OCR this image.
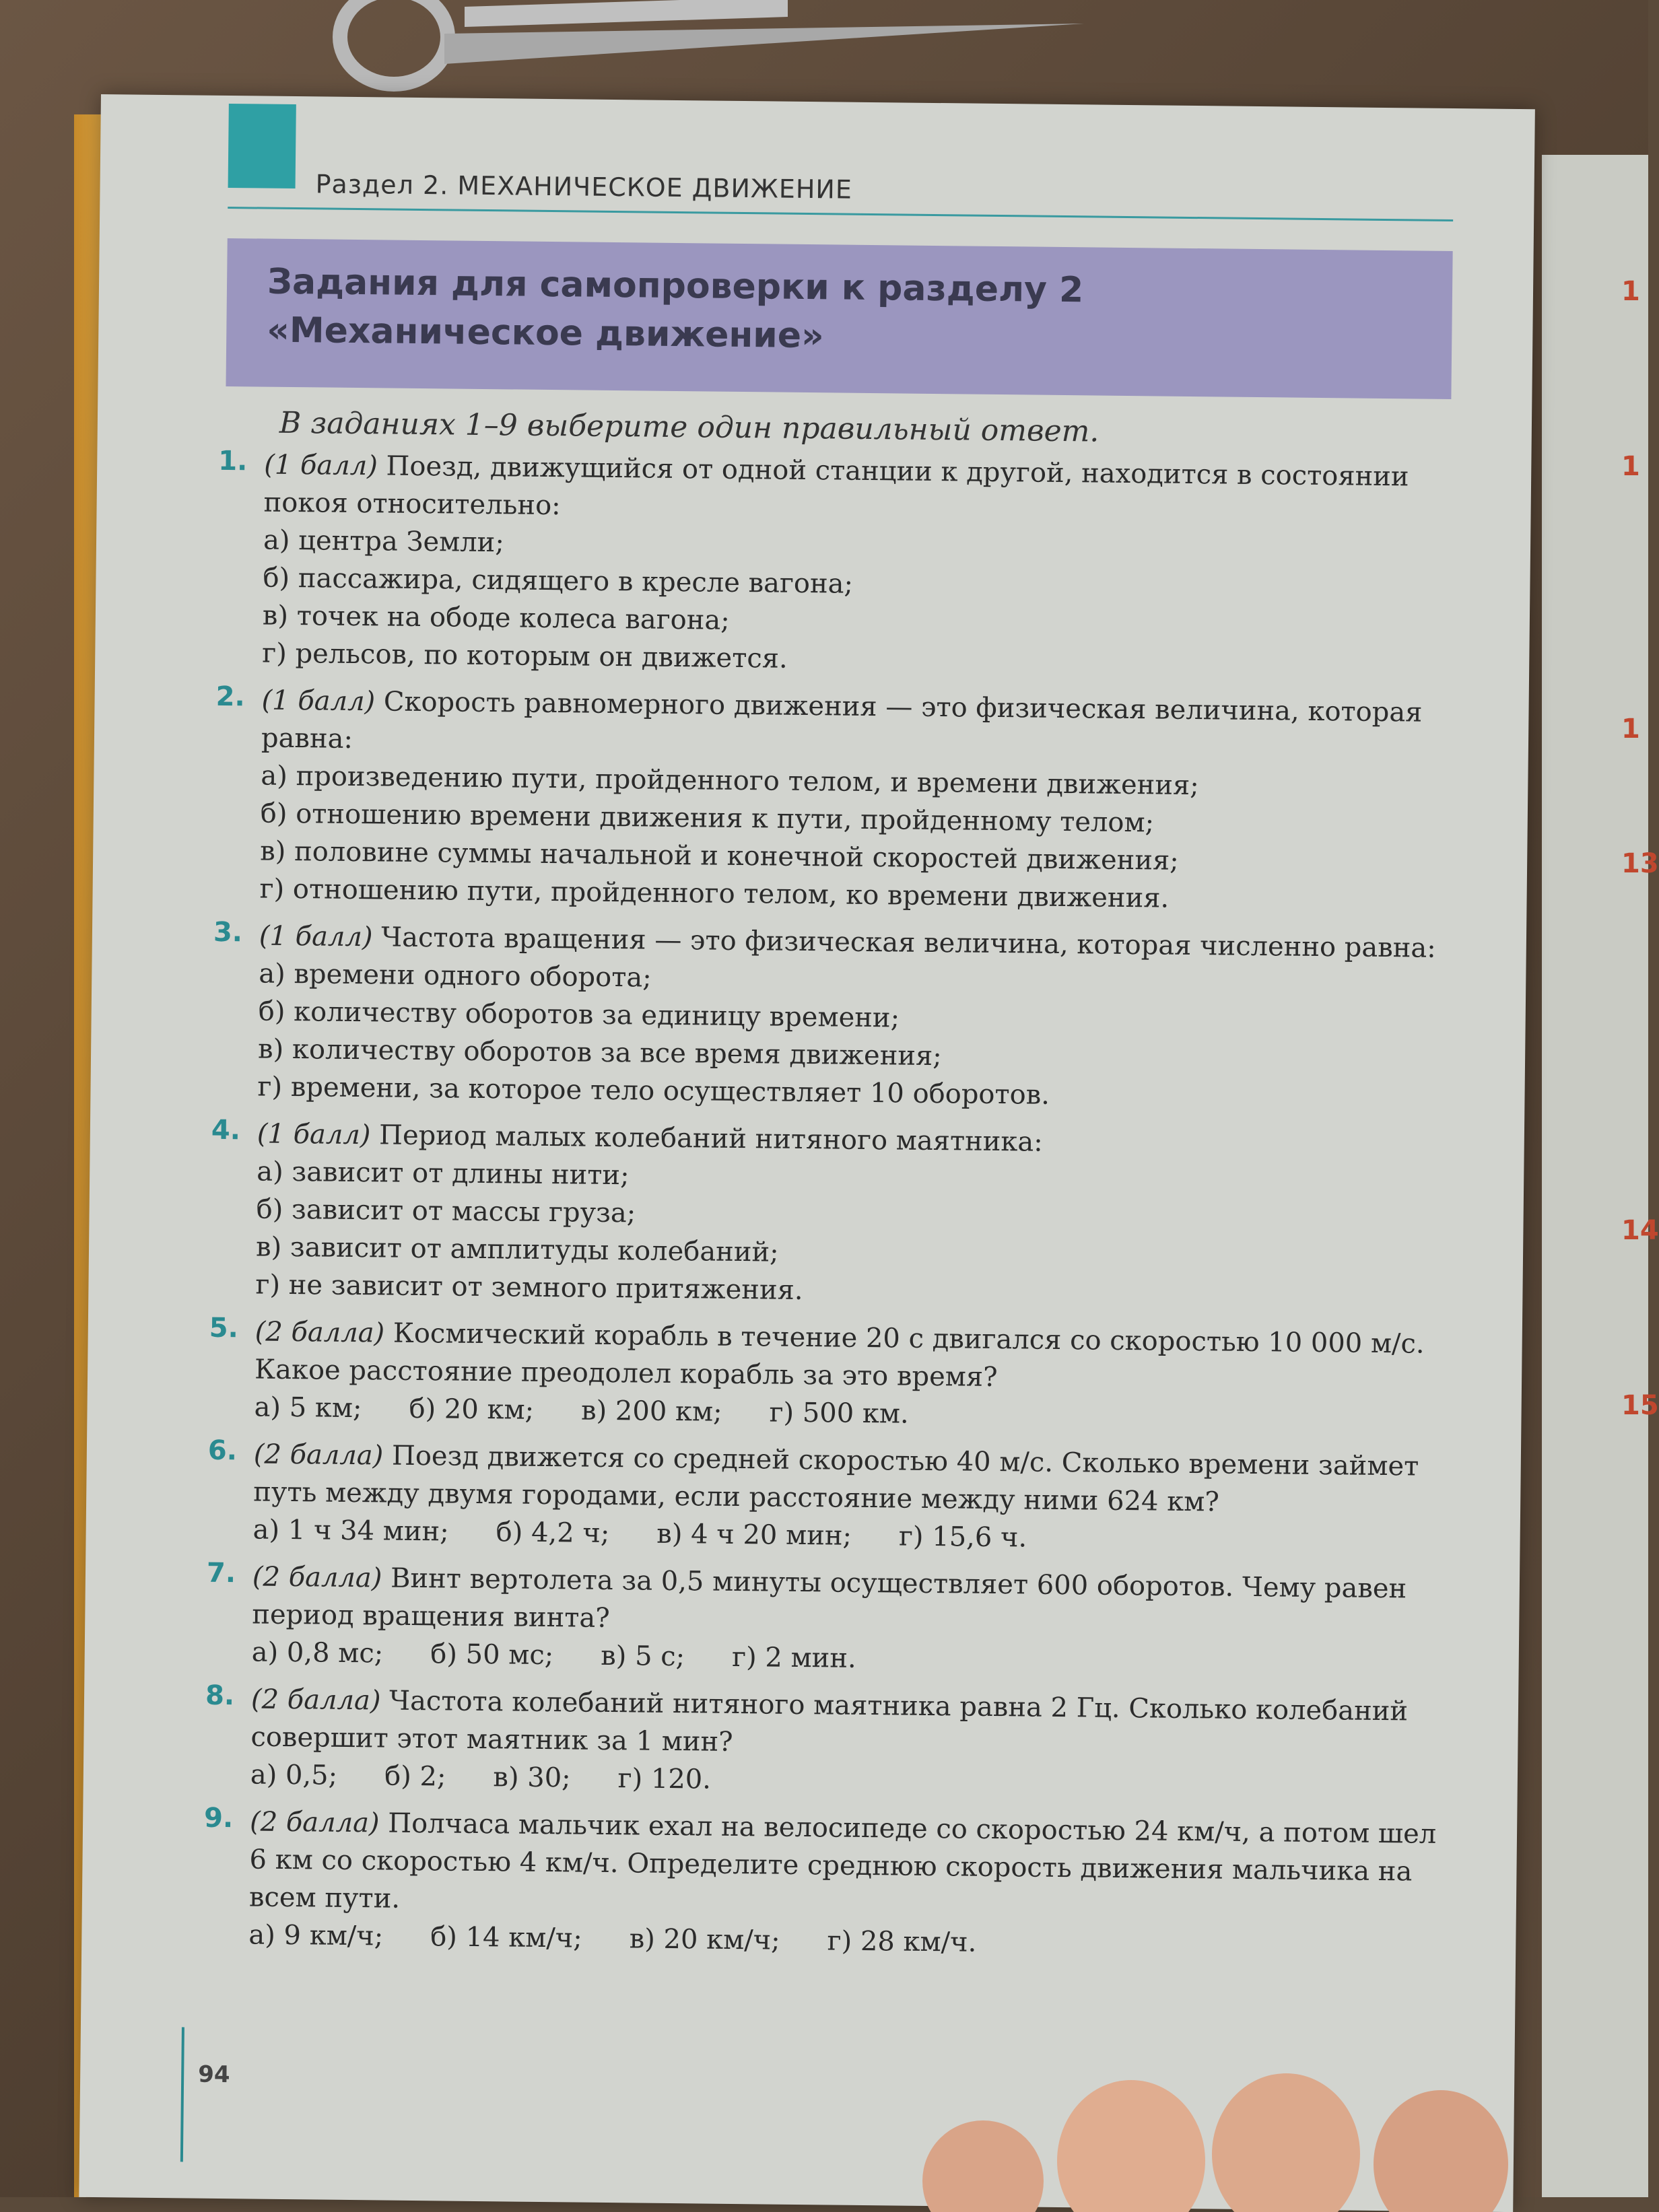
1
1
1
13
14
15
Раздел 2. МЕХАНИЧЕСКОЕ ДВИЖЕНИЕ
Задания для самопроверки к разделу 2
«Механическое движение»
В заданиях 1–9 выберите один правильный ответ.
1. (1 балл) Поезд, движущийся от одной станции к другой, находится в состоянии покоя относительно:
а) центра Земли;
б) пассажира, сидящего в кресле вагона;
в) точек на ободе колеса вагона;
г) рельсов, по которым он движется.
2. (1 балл) Скорость равномерного движения — это физическая величина, которая равна:
а) произведению пути, пройденного телом, и времени движения;
б) отношению времени движения к пути, пройденному телом;
в) половине суммы начальной и конечной скоростей движения;
г) отношению пути, пройденного телом, ко времени движения.
3. (1 балл) Частота вращения — это физическая величина, которая численно равна:
а) времени одного оборота;
б) количеству оборотов за единицу времени;
в) количеству оборотов за все время движения;
г) времени, за которое тело осуществляет 10 оборотов.
4. (1 балл) Период малых колебаний нитяного маятника:
а) зависит от длины нити;
б) зависит от массы груза;
в) зависит от амплитуды колебаний;
г) не зависит от земного притяжения.
5. (2 балла) Космический корабль в течение 20 с двигался со скоростью 10 000 м/с. Какое расстояние преодолел корабль за это время?
а) 5 км; б) 20 км; в) 200 км; г) 500 км.
6. (2 балла) Поезд движется со средней скоростью 40 м/с. Сколько времени займет путь между двумя городами, если расстояние между ними 624 км?
а) 1 ч 34 мин; б) 4,2 ч; в) 4 ч 20 мин; г) 15,6 ч.
7. (2 балла) Винт вертолета за 0,5 минуты осуществляет 600 оборотов. Чему равен период вращения винта?
а) 0,8 мс; б) 50 мс; в) 5 с; г) 2 мин.
8. (2 балла) Частота колебаний нитяного маятника равна 2 Гц. Сколько колебаний совершит этот маятник за 1 мин?
а) 0,5; б) 2; в) 30; г) 120.
9. (2 балла) Полчаса мальчик ехал на велосипеде со скоростью 24 км/ч, а потом шел 6 км со скоростью 4 км/ч. Определите среднюю скорость движения мальчика на всем пути.
а) 9 км/ч; б) 14 км/ч; в) 20 км/ч; г) 28 км/ч.
94
